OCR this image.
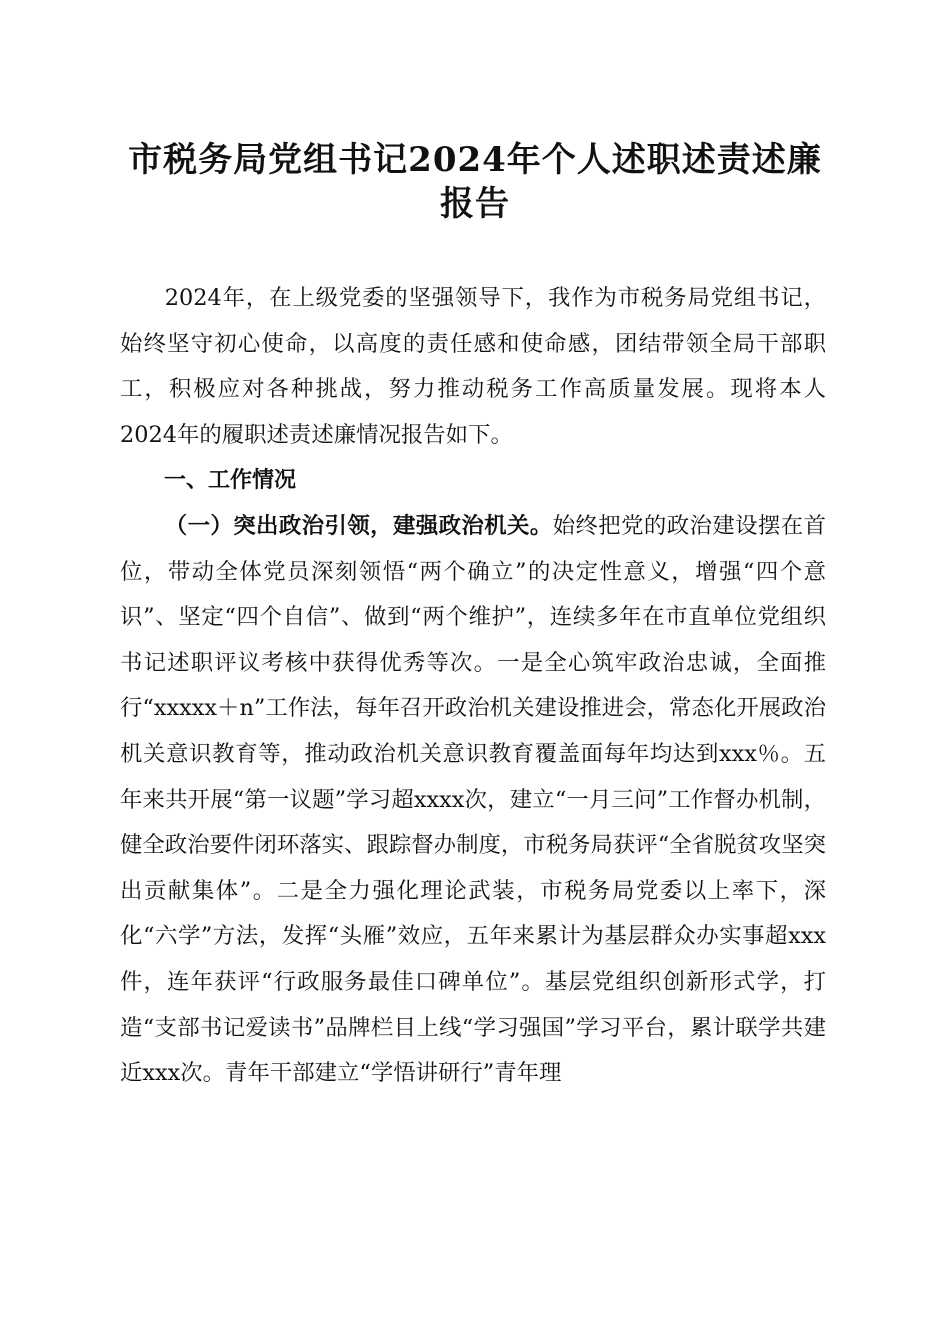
市税务局党组书记2024年个人述职述责述廉
报告

2024年，在上级党委的坚强领导下，我作为市税务局党组书记，始终坚守初心使命，以高度的责任感和使命感，团结带领全局干部职工，积极应对各种挑战，努力推动税务工作高质量发展。现将本人2024年的履职述责述廉情况报告如下。

一、工作情况

（一）突出政治引领，建强政治机关。始终把党的政治建设摆在首位，带动全体党员深刻领悟“两个确立”的决定性意义，增强“四个意识”、坚定“四个自信”、做到“两个维护”，连续多年在市直单位党组织书记述职评议考核中获得优秀等次。一是全心筑牢政治忠诚，全面推行“xxxxx＋n”工作法，每年召开政治机关建设推进会，常态化开展政治机关意识教育等，推动政治机关意识教育覆盖面每年均达到xxx％。五年来共开展“第一议题”学习超xxxx次，建立“一月三问”工作督办机制，健全政治要件闭环落实、跟踪督办制度，市税务局获评“全省脱贫攻坚突出贡献集体”。二是全力强化理论武装，市税务局党委以上率下，深化“六学”方法，发挥“头雁”效应，五年来累计为基层群众办实事超xxx件，连年获评“行政服务最佳口碑单位”。基层党组织创新形式学，打造“支部书记爱读书”品牌栏目上线“学习强国”学习平台，累计联学共建近xxx次。青年干部建立“学悟讲研行”青年理
